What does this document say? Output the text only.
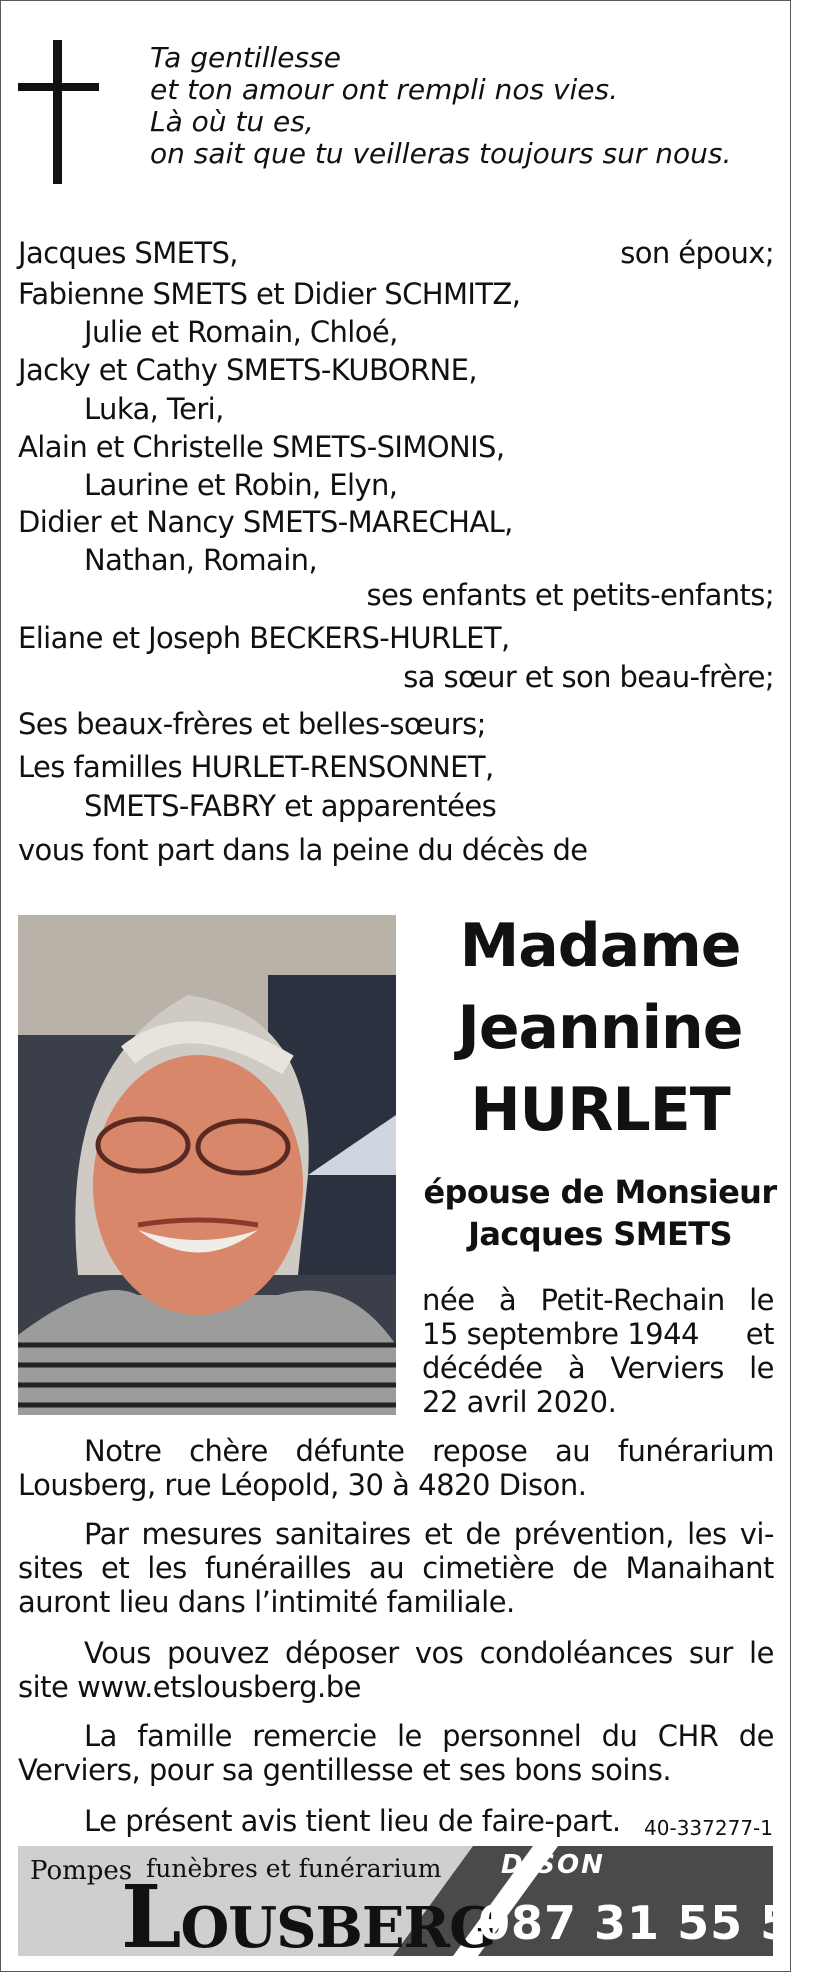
Ta gentillesse
et ton amour ont rempli nos vies.
Là où tu es,
on sait que tu veilleras toujours sur nous.
Jacques SMETS,	son époux;
Fabienne SMETS et Didier SCHMITZ,
Julie et Romain, Chloé,
Jacky et Cathy SMETS-KUBORNE,
Luka, Teri,
Alain et Christelle SMETS-SIMONIS,
Laurine et Robin, Elyn,
Didier et Nancy SMETS-MARECHAL,
Nathan, Romain,
ses enfants et petits-enfants;
Eliane et Joseph BECKERS-HURLET,
sa sœur et son beau-frère;
Ses beaux-frères et belles-sœurs;
Les familles HURLET-RENSONNET,
SMETS-FABRY et apparentées
vous font part dans la peine du décès de
Madame
Jeannine
HURLET
épouse de Monsieur
Jacques SMETS
née à Petit-Rechain le
15 septembre 1944 et
décédée à Verviers le
22 avril 2020.
Notre chère défunte repose au funérarium
Lousberg, rue Léopold, 30 à 4820 Dison.
Par mesures sanitaires et de prévention, les vi-
sites et les funérailles au cimetière de Manaihant
auront lieu dans l’intimité familiale.
Vous pouvez déposer vos condoléances sur le
site www.etslousberg.be
La famille remercie le personnel du CHR de
Verviers, pour sa gentillesse et ses bons soins.
Le présent avis tient lieu de faire-part.	40-337277-1
Pompes funèbres et funérarium
LOUSBERG
DISON
087 31 55 55
